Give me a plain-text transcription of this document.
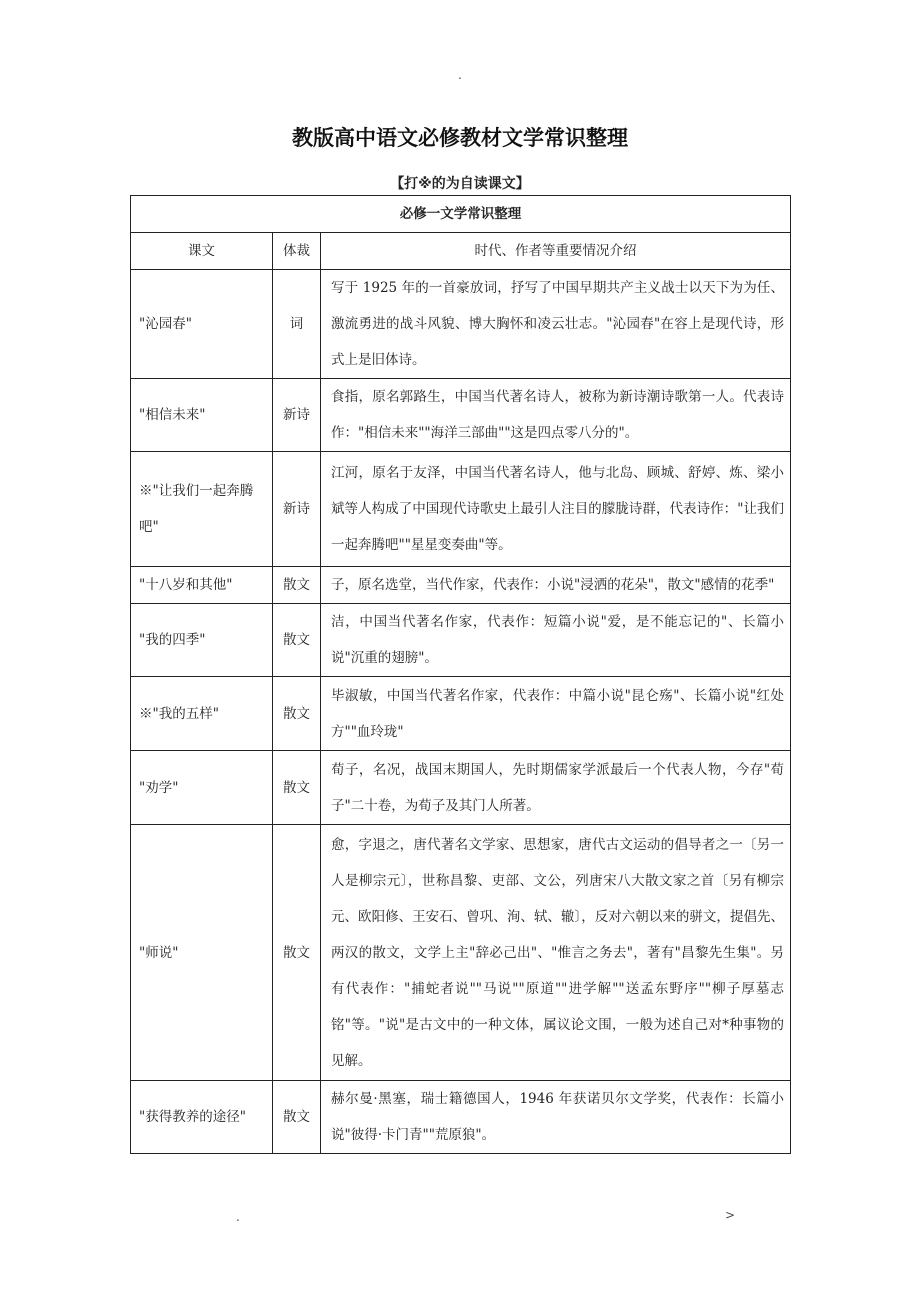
.
教版高中语文必修教材文学常识整理
【打※的为自读课文】
必修一文学常识整理		
课文	体裁	时代、作者等重要情况介绍
"沁园春"	词	写于 1925 年的一首豪放词，抒写了中国早期共产主义战士以天下为为任、激流勇进的战斗风貌、博大胸怀和凌云壮志。"沁园春"在容上是现代诗，形式上是旧体诗。
"相信未来"	新诗	食指，原名郭路生，中国当代著名诗人，被称为新诗潮诗歌第一人。代表诗作："相信未来""海洋三部曲""这是四点零八分的"。
※"让我们一起奔腾吧"	新诗	江河，原名于友泽，中国当代著名诗人，他与北岛、顾城、舒婷、炼、梁小斌等人构成了中国现代诗歌史上最引人注目的朦胧诗群，代表诗作："让我们一起奔腾吧""星星变奏曲"等。
"十八岁和其他"	散文	子，原名选堂，当代作家，代表作：小说"浸洒的花朵"，散文"感情的花季"
"我的四季"	散文	洁，中国当代著名作家，代表作：短篇小说"爱，是不能忘记的"、长篇小说"沉重的翅膀"。
※"我的五样"	散文	毕淑敏，中国当代著名作家，代表作：中篇小说"昆仑殇"、长篇小说"红处方""血玲珑"
"劝学"	散文	荀子，名况，战国末期国人，先时期儒家学派最后一个代表人物，今存"荀子"二十卷，为荀子及其门人所著。
"师说"	散文	愈，字退之，唐代著名文学家、思想家，唐代古文运动的倡导者之一〔另一人是柳宗元〕，世称昌黎、吏部、文公，列唐宋八大散文家之首〔另有柳宗元、欧阳修、王安石、曾巩、洵、轼、辙〕，反对六朝以来的骈文，提倡先、两汉的散文，文学上主"辞必己出"、"惟言之务去"，著有"昌黎先生集"。另有代表作："捕蛇者说""马说""原道""进学解""送孟东野序""柳子厚墓志铭"等。"说"是古文中的一种文体，属议论文围，一般为述自己对*种事物的见解。
"获得教养的途径"	散文	赫尔曼·黑塞，瑞士籍德国人，1946 年获诺贝尔文学奖，代表作：长篇小说"彼得·卡门青""荒原狼"。
.	>
